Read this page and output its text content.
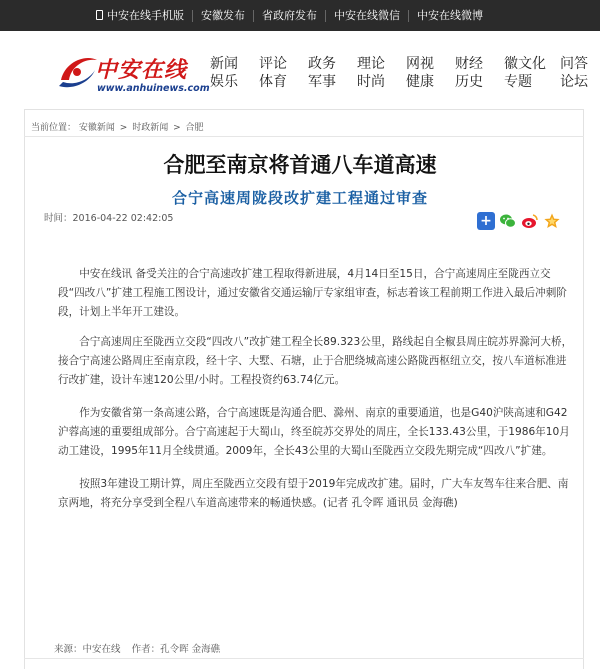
中安在线手机版	安徽发布	省政府发布	中安在线微信	中安在线微博
中安在线
www.anhuinews.com
新闻
娱乐
评论
体育
政务
军事
理论
时尚
网视
健康
财经
历史
徽文化
专题
问答
论坛
当前位置： 安徽新闻 > 时政新闻 > 合肥
合肥至南京将首通八车道高速
合宁高速周陇段改扩建工程通过审查
时间：2016-04-22 02:42:05	+

中安在线讯 备受关注的合宁高速改扩建工程取得新进展，4月14日至15日，合宁高速周庄至陇西立交段“四改八”扩建工程施工图设计，通过安徽省交通运输厅专家组审查，标志着该工程前期工作进入最后冲刺阶段，计划上半年开工建设。

合宁高速周庄至陇西立交段“四改八”改扩建工程全长89.323公里，路线起自全椒县周庄皖苏界滁河大桥，接合宁高速公路周庄至南京段，经十字、大墅、石塘，止于合肥绕城高速公路陇西枢纽立交，按八车道标准进行改扩建，设计车速120公里/小时。工程投资约63.74亿元。

作为安徽省第一条高速公路，合宁高速既是沟通合肥、滁州、南京的重要通道，也是G40沪陕高速和G42沪蓉高速的重要组成部分。合宁高速起于大蜀山，终至皖苏交界处的周庄，全长133.43公里，于1986年10月动工建设，1995年11月全线贯通。2009年，全长43公里的大蜀山至陇西立交段先期完成“四改八”扩建。

按照3年建设工期计算，周庄至陇西立交段有望于2019年完成改扩建。届时，广大车友驾车往来合肥、南京两地，将充分享受到全程八车道高速带来的畅通快感。(记者 孔令晖 通讯员 金海礁)

来源：中安在线 作者：孔令晖 金海礁
